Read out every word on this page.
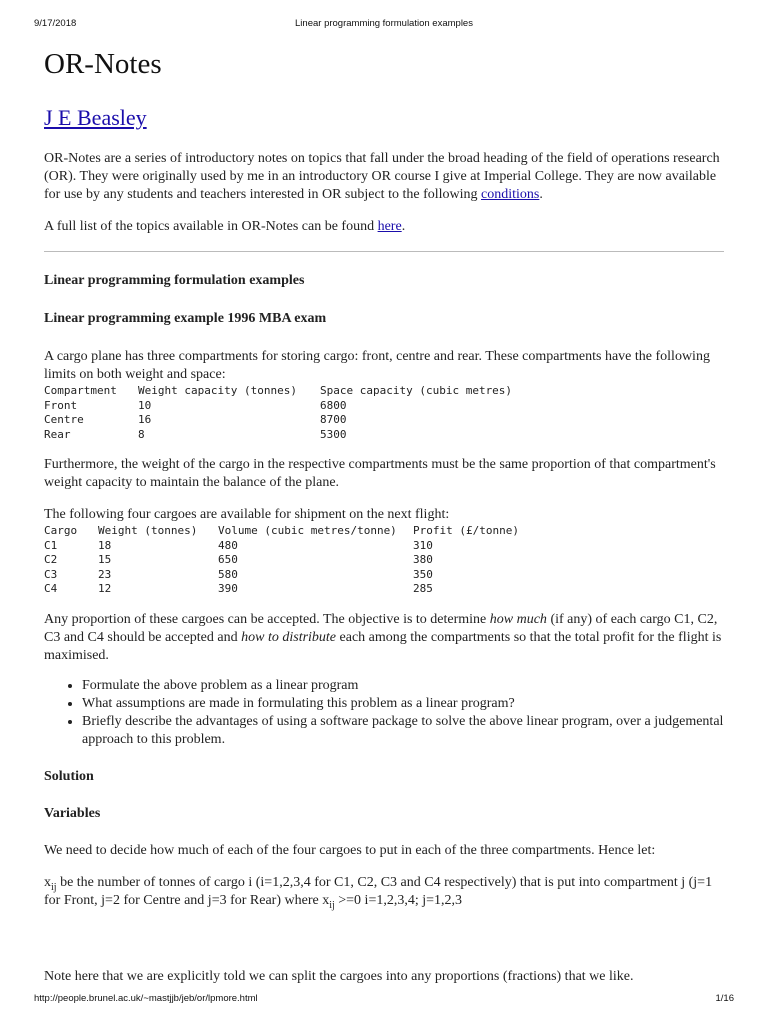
9/17/2018	Linear programming formulation examples
OR-Notes
J E Beasley

OR-Notes are a series of introductory notes on topics that fall under the broad heading of the field of operations research (OR). They were originally used by me in an introductory OR course I give at Imperial College. They are now available for use by any students and teachers interested in OR subject to the following conditions.

A full list of the topics available in OR-Notes can be found here.

Linear programming formulation examples

Linear programming example 1996 MBA exam

A cargo plane has three compartments for storing cargo: front, centre and rear. These compartments have the following limits on both weight and space:

Compartment	Weight capacity (tonnes)	Space capacity (cubic metres)
Front	10	6800
Centre	16	8700
Rear	8	5300

Furthermore, the weight of the cargo in the respective compartments must be the same proportion of that compartment's weight capacity to maintain the balance of the plane.

The following four cargoes are available for shipment on the next flight:

Cargo	Weight (tonnes)	Volume (cubic metres/tonne)	Profit (£/tonne)
C1	18	480	310
C2	15	650	380
C3	23	580	350
C4	12	390	285

Any proportion of these cargoes can be accepted. The objective is to determine how much (if any) of each cargo C1, C2, C3 and C4 should be accepted and how to distribute each among the compartments so that the total profit for the flight is maximised.

• Formulate the above problem as a linear program
• What assumptions are made in formulating this problem as a linear program?
• Briefly describe the advantages of using a software package to solve the above linear program, over a judgemental approach to this problem.

Solution

Variables

We need to decide how much of each of the four cargoes to put in each of the three compartments. Hence let:

$x_{ij}$ be the number of tonnes of cargo i (i=1,2,3,4 for C1, C2, C3 and C4 respectively) that is put into compartment j (j=1 for Front, j=2 for Centre and j=3 for Rear) where $x_{ij} >=0$ i=1,2,3,4; j=1,2,3

Note here that we are explicitly told we can split the cargoes into any proportions (fractions) that we like.

http://people.brunel.ac.uk/~mastjjb/jeb/or/lpmore.html	1/16
